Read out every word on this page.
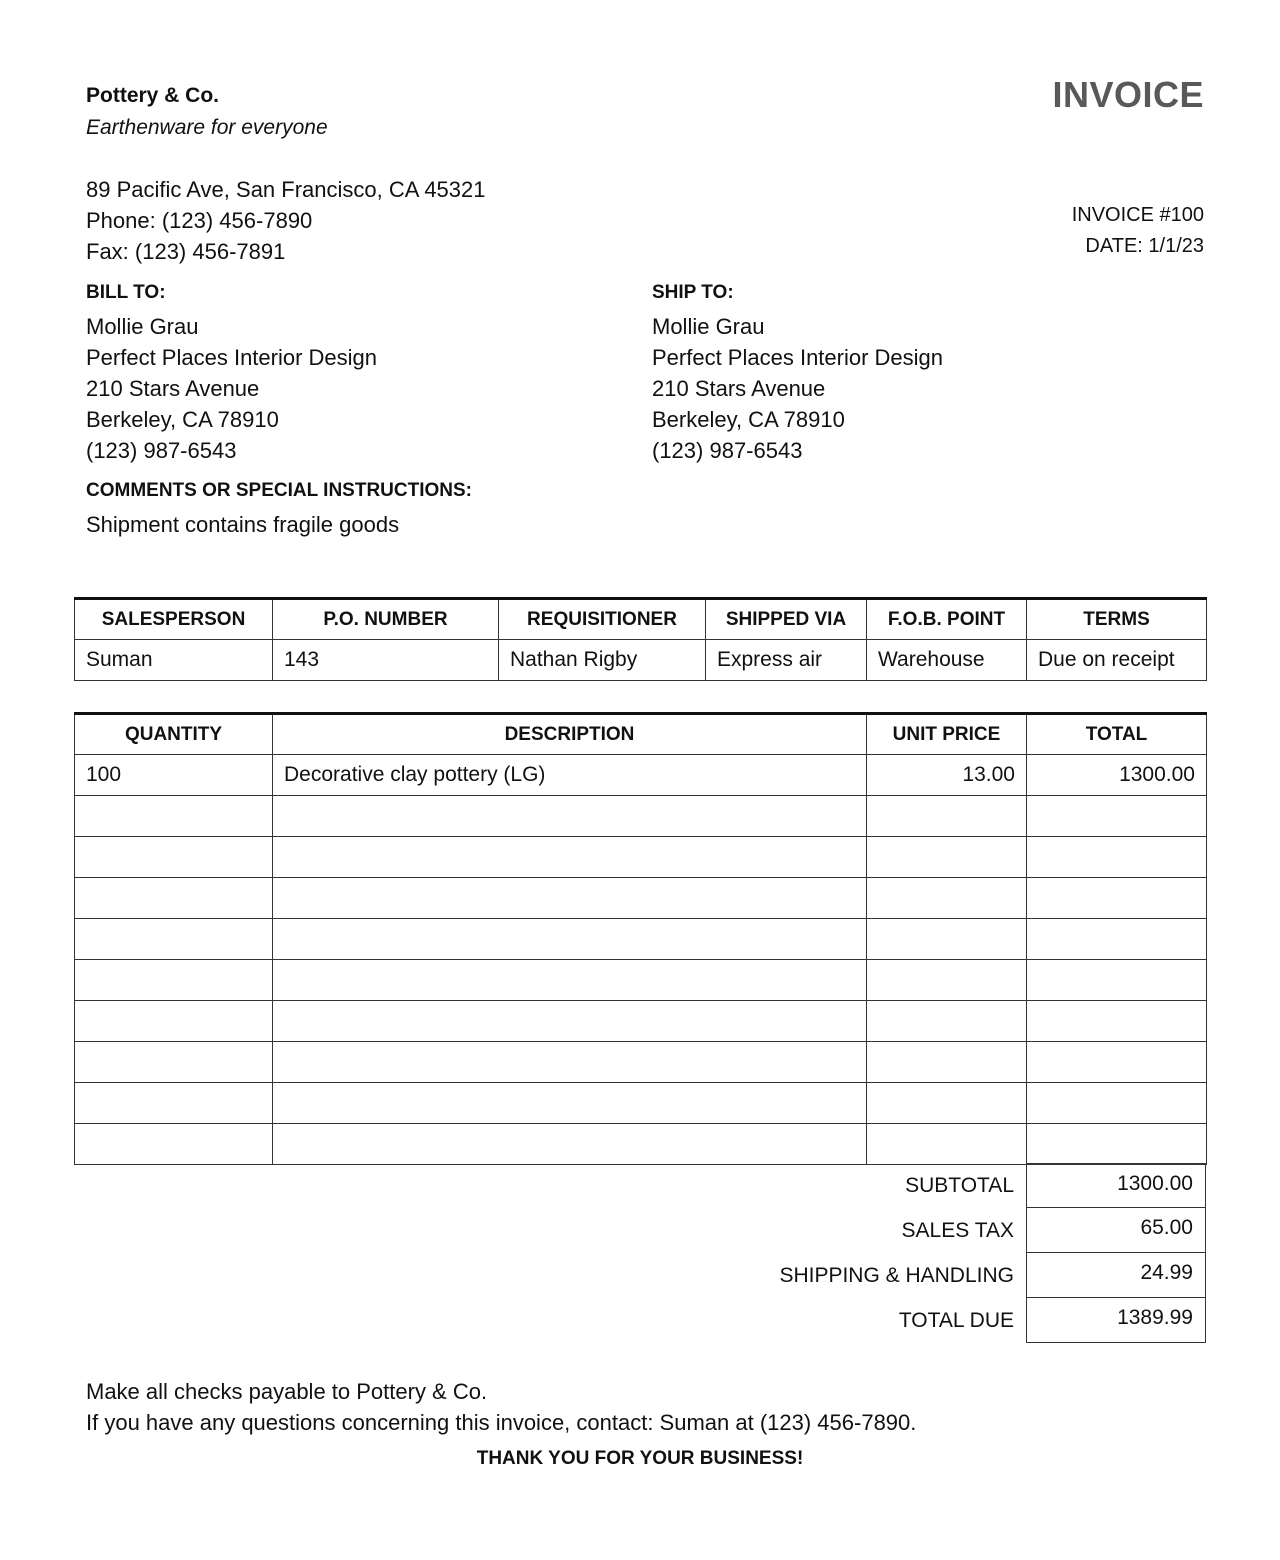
Pottery & Co.
Earthenware for everyone
89 Pacific Ave, San Francisco, CA 45321
Phone: (123) 456-7890
Fax: (123) 456-7891
INVOICE
INVOICE #100
DATE: 1/1/23
BILL TO:
Mollie Grau
Perfect Places Interior Design
210 Stars Avenue
Berkeley, CA 78910
(123) 987-6543
SHIP TO:
Mollie Grau
Perfect Places Interior Design
210 Stars Avenue
Berkeley, CA 78910
(123) 987-6543
COMMENTS OR SPECIAL INSTRUCTIONS:
Shipment contains fragile goods
SALESPERSON	P.O. NUMBER	REQUISITIONER	SHIPPED VIA	F.O.B. POINT	TERMS
Suman	143	Nathan Rigby	Express air	Warehouse	Due on receipt
QUANTITY	DESCRIPTION	UNIT PRICE	TOTAL
100	Decorative clay pottery (LG)	13.00	1300.00

SUBTOTAL	1300.00
SALES TAX	65.00
SHIPPING & HANDLING	24.99
TOTAL DUE	1389.99
Make all checks payable to Pottery & Co.
If you have any questions concerning this invoice, contact: Suman at (123) 456-7890.
THANK YOU FOR YOUR BUSINESS!
